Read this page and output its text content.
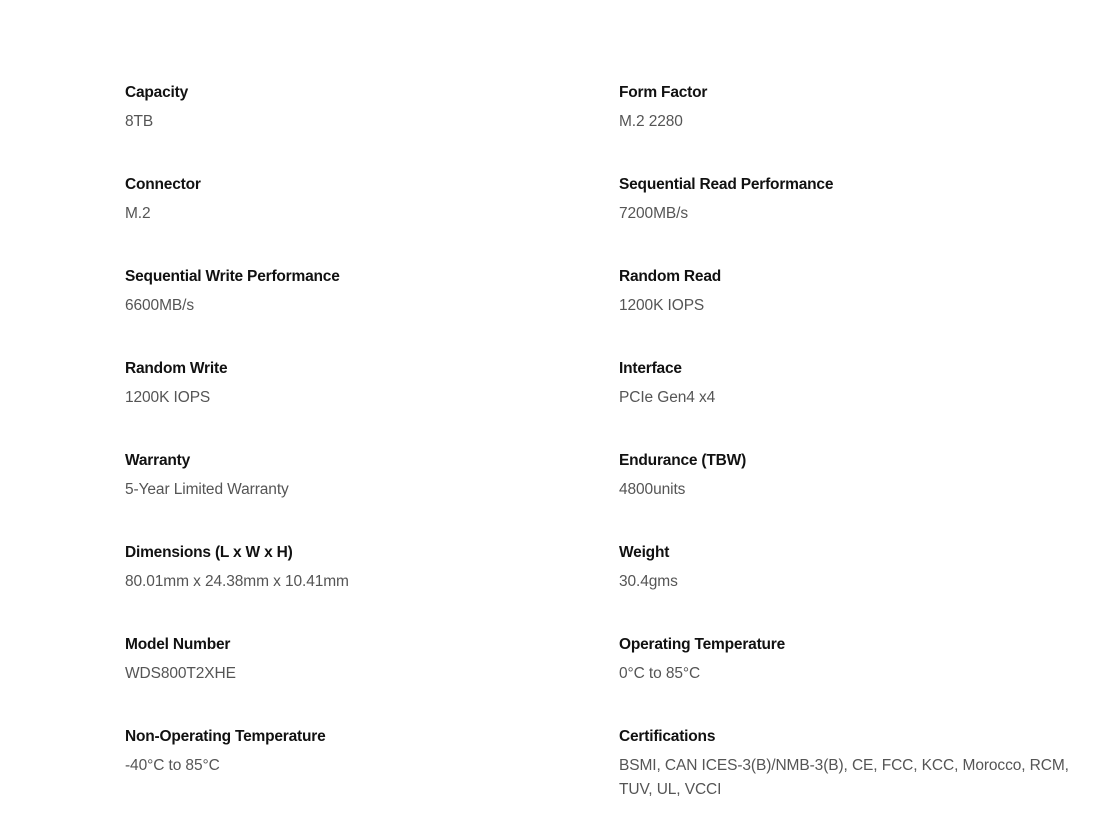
Capacity
8TB
Form Factor
M.2 2280
Connector
M.2
Sequential Read Performance
7200MB/s
Sequential Write Performance
6600MB/s
Random Read
1200K IOPS
Random Write
1200K IOPS
Interface
PCIe Gen4 x4
Warranty
5-Year Limited Warranty
Endurance (TBW)
4800units
Dimensions (L x W x H)
80.01mm x 24.38mm x 10.41mm
Weight
30.4gms
Model Number
WDS800T2XHE
Operating Temperature
0°C to 85°C
Non-Operating Temperature
-40°C to 85°C
Certifications
BSMI, CAN ICES-3(B)/NMB-3(B), CE, FCC, KCC, Morocco, RCM, TUV, UL, VCCI
